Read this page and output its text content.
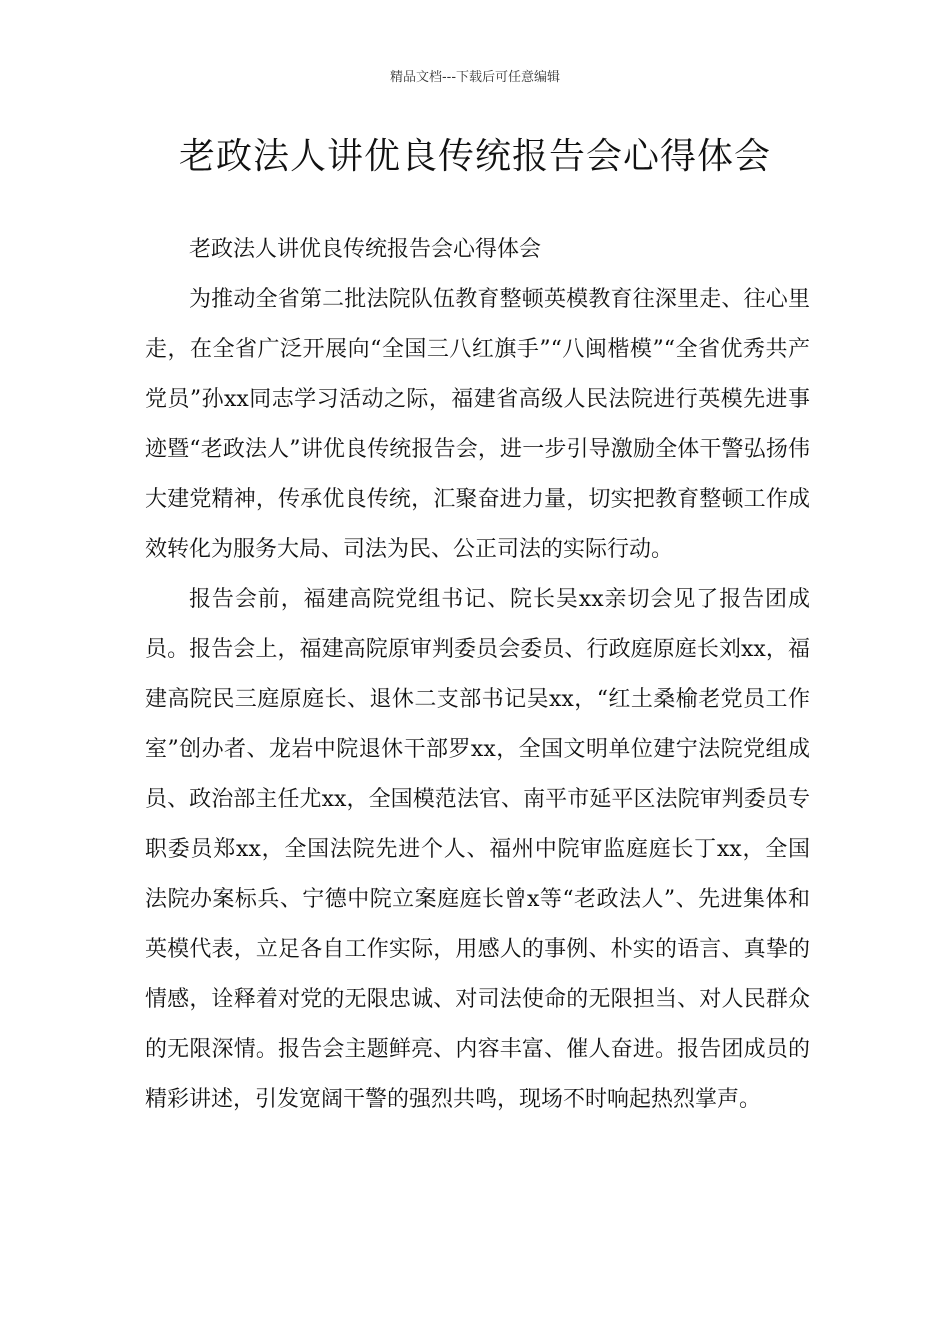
精品文档---下载后可任意编辑
老政法人讲优良传统报告会心得体会

老政法人讲优良传统报告会心得体会

为推动全省第二批法院队伍教育整顿英模教育往深里走、往心里走，在全省广泛开展向“全国三八红旗手”“八闽楷模”“全省优秀共产党员”孙xx同志学习活动之际，福建省高级人民法院进行英模先进事迹暨“老政法人”讲优良传统报告会，进一步引导激励全体干警弘扬伟大建党精神，传承优良传统，汇聚奋进力量，切实把教育整顿工作成效转化为服务大局、司法为民、公正司法的实际行动。

报告会前，福建高院党组书记、院长吴xx亲切会见了报告团成员。报告会上，福建高院原审判委员会委员、行政庭原庭长刘xx，福建高院民三庭原庭长、退休二支部书记吴xx，“红土桑榆老党员工作室”创办者、龙岩中院退休干部罗xx，全国文明单位建宁法院党组成员、政治部主任尤xx，全国模范法官、南平市延平区法院审判委员专职委员郑xx，全国法院先进个人、福州中院审监庭庭长丁xx，全国法院办案标兵、宁德中院立案庭庭长曾x等“老政法人”、先进集体和英模代表，立足各自工作实际，用感人的事例、朴实的语言、真挚的情感，诠释着对党的无限忠诚、对司法使命的无限担当、对人民群众的无限深情。报告会主题鲜亮、内容丰富、催人奋进。报告团成员的精彩讲述，引发宽阔干警的强烈共鸣，现场不时响起热烈掌声。
